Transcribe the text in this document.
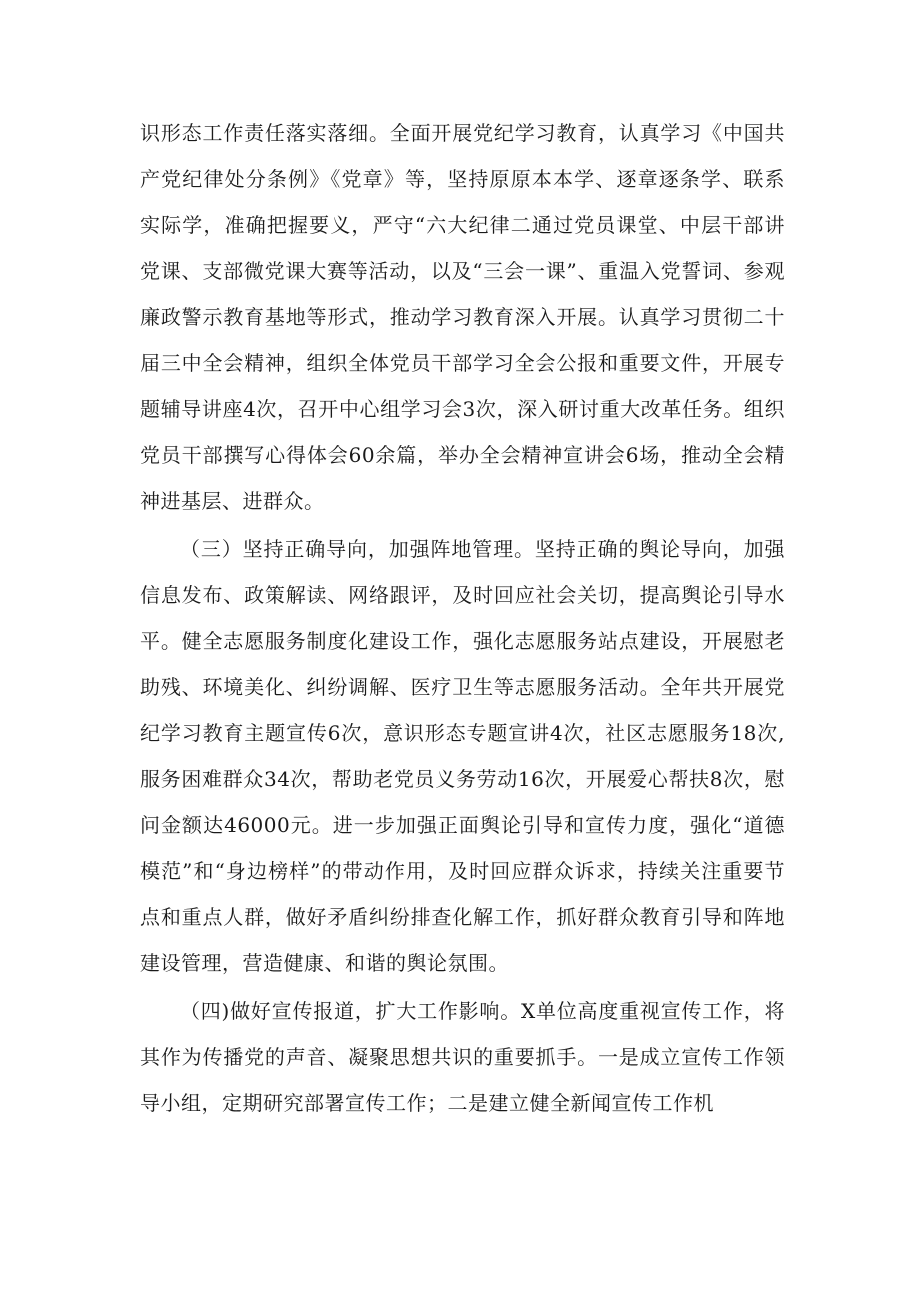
识形态工作责任落实落细。全面开展党纪学习教育，认真学习《中国共产党纪律处分条例》《党章》等，坚持原原本本学、逐章逐条学、联系实际学，准确把握要义，严守“六大纪律二通过党员课堂、中层干部讲党课、支部微党课大赛等活动，以及“三会一课”、重温入党誓词、参观廉政警示教育基地等形式，推动学习教育深入开展。认真学习贯彻二十届三中全会精神，组织全体党员干部学习全会公报和重要文件，开展专题辅导讲座4次，召开中心组学习会3次，深入研讨重大改革任务。组织党员干部撰写心得体会60余篇，举办全会精神宣讲会6场，推动全会精神进基层、进群众。

（三）坚持正确导向，加强阵地管理。坚持正确的舆论导向，加强信息发布、政策解读、网络跟评，及时回应社会关切，提高舆论引导水平。健全志愿服务制度化建设工作，强化志愿服务站点建设，开展慰老助残、环境美化、纠纷调解、医疗卫生等志愿服务活动。全年共开展党纪学习教育主题宣传6次，意识形态专题宣讲4次，社区志愿服务18次,服务困难群众34次，帮助老党员义务劳动16次，开展爱心帮扶8次，慰问金额达46000元。进一步加强正面舆论引导和宣传力度，强化“道德模范”和“身边榜样”的带动作用，及时回应群众诉求，持续关注重要节点和重点人群，做好矛盾纠纷排查化解工作，抓好群众教育引导和阵地建设管理，营造健康、和谐的舆论氛围。

（四)做好宣传报道，扩大工作影响。X单位高度重视宣传工作，将其作为传播党的声音、凝聚思想共识的重要抓手。一是成立宣传工作领导小组，定期研究部署宣传工作；二是建立健全新闻宣传工作机
